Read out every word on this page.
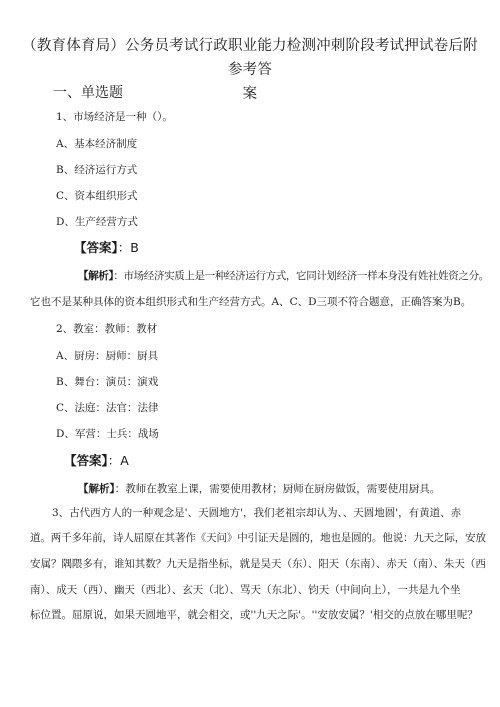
（教育体育局）公务员考试行政职业能力检测冲刺阶段考试押试卷后附参考答
案
一、单选题
1、市场经济是一种（）。
A、基本经济制度
B、经济运行方式
C、资本组织形式
D、生产经营方式
【答案】：B
【解析】：市场经济实质上是一种经济运行方式，它同计划经济一样本身没有姓社姓资之分。
它也不是某种具体的资本组织形式和生产经营方式。A、C、D三项不符合题意，正确答案为B。
2、教室：教师：教材
A、厨房：厨师：厨具
B、舞台：演员：演戏
C、法庭：法官：法律
D、军营：士兵：战场
【答案】：A
【解析】：教师在教室上课，需要使用教材；厨师在厨房做饭，需要使用厨具。
3、古代西方人的一种观念是'、天圆地方'，我们老祖宗却认为、、天圆地圆'，有黄道、赤
道。两千多年前，诗人屈原在其著作《天问》中引证天是圆的，地也是圆的。他说：九天之际，安放
安属？隅隈多有，谁知其数？九天是指坐标，就是昊天（东）、阳天（东南）、赤天（南）、朱天（西
南）、成天（西）、幽天（西北）、玄天（北）、骂天（东北）、钧天（中间向上），一共是九个坐
标位置。屈原说，如果天圆地平，就会相交，或''九天之际'。''安放安属？'相交的点放在哪里呢？
